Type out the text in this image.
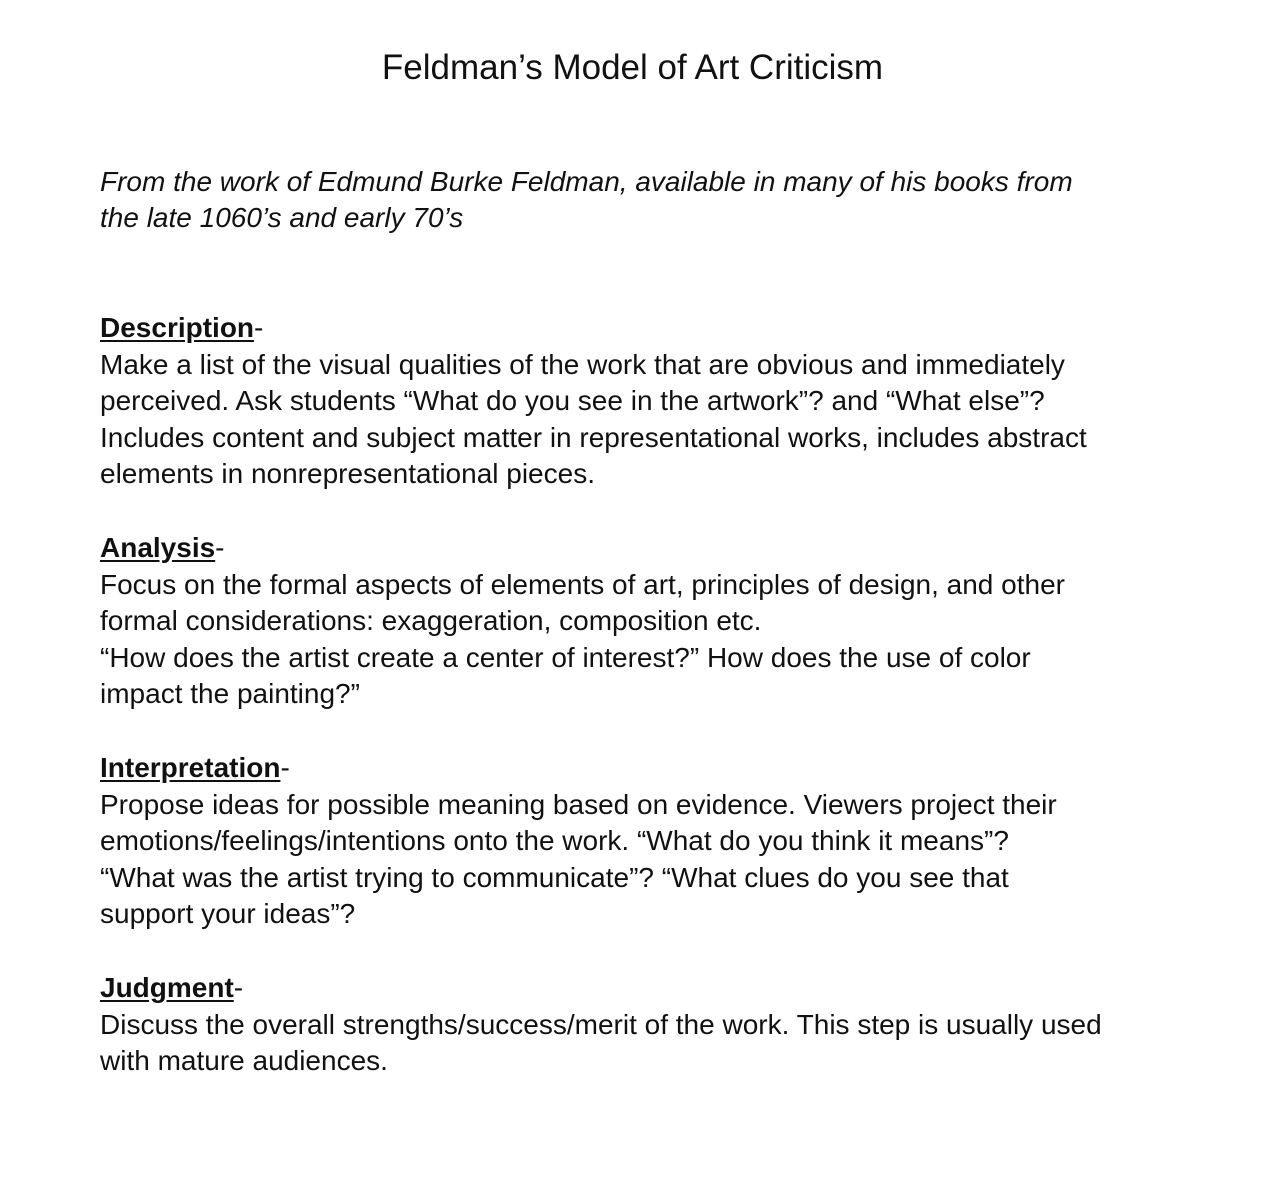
Feldman’s Model of Art Criticism
From the work of Edmund Burke Feldman, available in many of his books from
the late 1060’s and early 70’s
Description-
Make a list of the visual qualities of the work that are obvious and immediately
perceived. Ask students “What do you see in the artwork”? and “What else”?
Includes content and subject matter in representational works, includes abstract
elements in nonrepresentational pieces.
Analysis-
Focus on the formal aspects of elements of art, principles of design, and other
formal considerations: exaggeration, composition etc.
“How does the artist create a center of interest?” How does the use of color
impact the painting?”
Interpretation-
Propose ideas for possible meaning based on evidence. Viewers project their
emotions/feelings/intentions onto the work. “What do you think it means”?
“What was the artist trying to communicate”? “What clues do you see that
support your ideas”?
Judgment-
Discuss the overall strengths/success/merit of the work. This step is usually used
with mature audiences.
